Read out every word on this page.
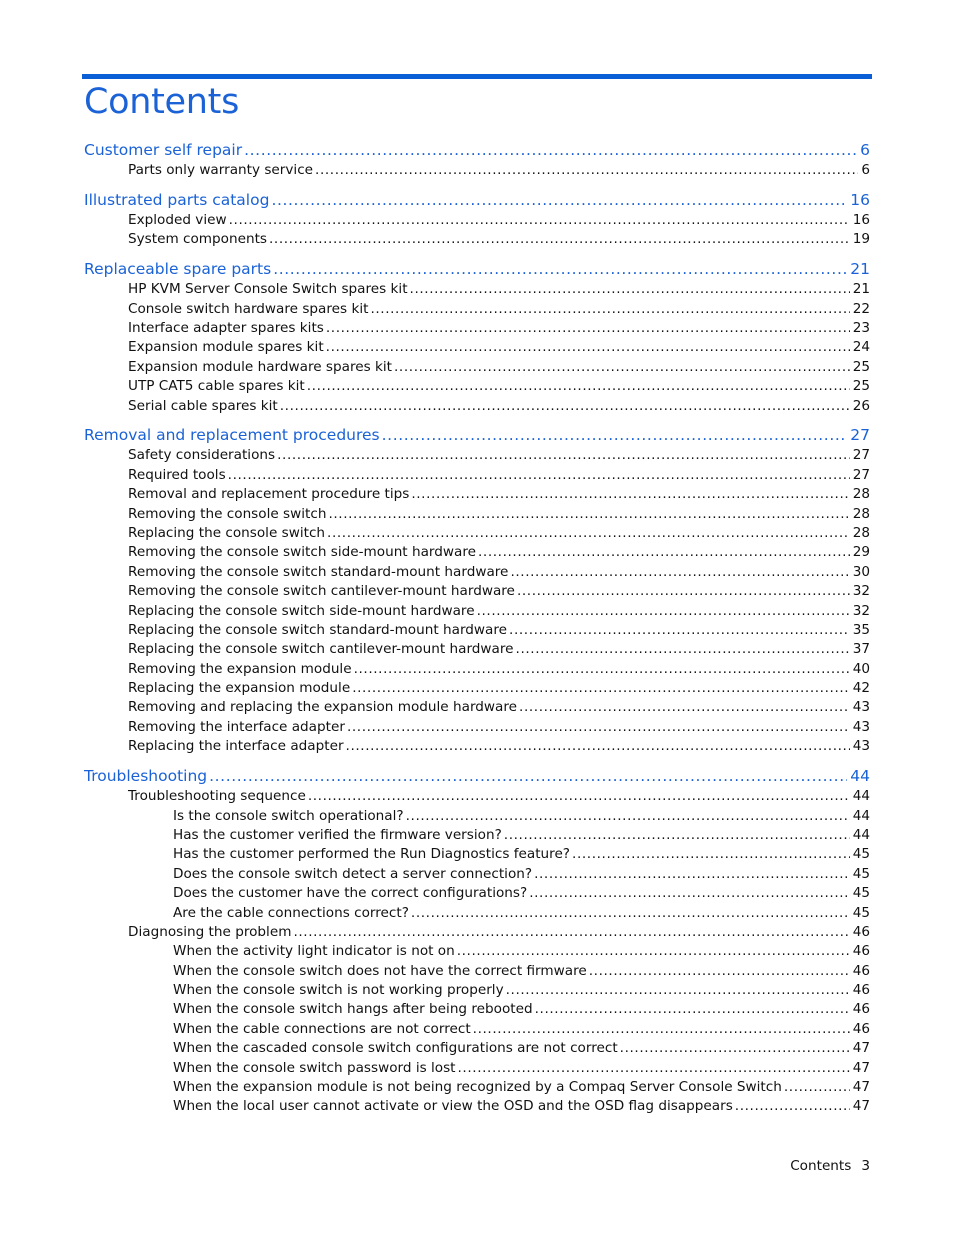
Contents
Customer self repair .....	6
Parts only warranty service .....	6
Illustrated parts catalog .....	16
Exploded view .....	16
System components .....	19
Replaceable spare parts .....	21
HP KVM Server Console Switch spares kit .....	21
Console switch hardware spares kit .....	22
Interface adapter spares kits .....	23
Expansion module spares kit .....	24
Expansion module hardware spares kit .....	25
UTP CAT5 cable spares kit .....	25
Serial cable spares kit .....	26
Removal and replacement procedures .....	27
Safety considerations .....	27
Required tools .....	27
Removal and replacement procedure tips .....	28
Removing the console switch .....	28
Replacing the console switch .....	28
Removing the console switch side-mount hardware .....	29
Removing the console switch standard-mount hardware .....	30
Removing the console switch cantilever-mount hardware .....	32
Replacing the console switch side-mount hardware .....	32
Replacing the console switch standard-mount hardware .....	35
Replacing the console switch cantilever-mount hardware .....	37
Removing the expansion module .....	40
Replacing the expansion module .....	42
Removing and replacing the expansion module hardware .....	43
Removing the interface adapter .....	43
Replacing the interface adapter .....	43
Troubleshooting .....	44
Troubleshooting sequence .....	44
Is the console switch operational? .....	44
Has the customer verified the firmware version? .....	44
Has the customer performed the Run Diagnostics feature? .....	45
Does the console switch detect a server connection? .....	45
Does the customer have the correct configurations? .....	45
Are the cable connections correct? .....	45
Diagnosing the problem .....	46
When the activity light indicator is not on .....	46
When the console switch does not have the correct firmware .....	46
When the console switch is not working properly .....	46
When the console switch hangs after being rebooted .....	46
When the cable connections are not correct .....	46
When the cascaded console switch configurations are not correct .....	47
When the console switch password is lost .....	47
When the expansion module is not being recognized by a Compaq Server Console Switch .....	47
When the local user cannot activate or view the OSD and the OSD flag disappears .....	47
Contents 3
